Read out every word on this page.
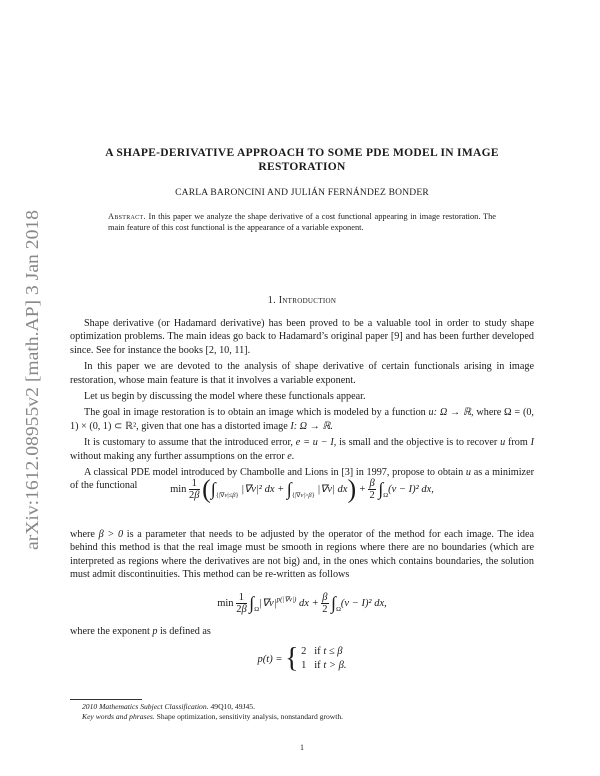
arXiv:1612.08955v2 [math.AP] 3 Jan 2018
A SHAPE-DERIVATIVE APPROACH TO SOME PDE MODEL IN IMAGE
RESTORATION
CARLA BARONCINI AND JULIÁN FERNÁNDEZ BONDER
Abstract. In this paper we analyze the shape derivative of a cost functional appearing in image restoration. The main feature of this cost functional is the appearance of a variable exponent.
1. Introduction

Shape derivative (or Hadamard derivative) has been proved to be a valuable tool in order to study shape optimization problems. The main ideas go back to Hadamard’s original paper [9] and has been further developed since. See for instance the books [2, 10, 11].

In this paper we are devoted to the analysis of shape derivative of certain functionals arising in image restoration, whose main feature is that it involves a variable exponent.

Let us begin by discussing the model where these functionals appear.

The goal in image restoration is to obtain an image which is modeled by a function u: Ω → ℝ, where Ω = (0, 1) × (0, 1) ⊂ ℝ², given that one has a distorted image I: Ω → ℝ.

It is customary to assume that the introduced error, e = u − I, is small and the objective is to recover u from I without making any further assumptions on the error e.

A classical PDE model introduced by Chambolle and Lions in [3] in 1997, propose to obtain u as a minimizer of the functional	$\min \frac{1}{2\beta} (\int_{\{|\nabla v|\le\beta\}}$ |∇v|² dx + $\int_{\{|\nabla v|>\beta\}}$ |∇v| $dx) + \frac{\beta}{2} \int_\Omega(v - I)^2$ dx,

where β > 0 is a parameter that needs to be adjusted by the operator of the method for each image. The idea behind this method is that the real image must be smooth in regions where there are no boundaries (which are interpreted as regions where the derivatives are not big) and, in the ones which contains boundaries, the solution must admit discontinuities. This method can be re-written as follows

$\min \frac{1}{2\beta} \int_\Omega|\nabla v|^{p(|\nabla v|)}$ dx + $\frac{\beta}{2} \int_\Omega(v - I)^2$ dx,

where the exponent p is defined as

p(t) = { 2 if t ≤ β
1 if t > β.

2010 Mathematics Subject Classification. 49Q10, 49J45.

Key words and phrases. Shape optimization, sensitivity analysis, nonstandard growth.

1
